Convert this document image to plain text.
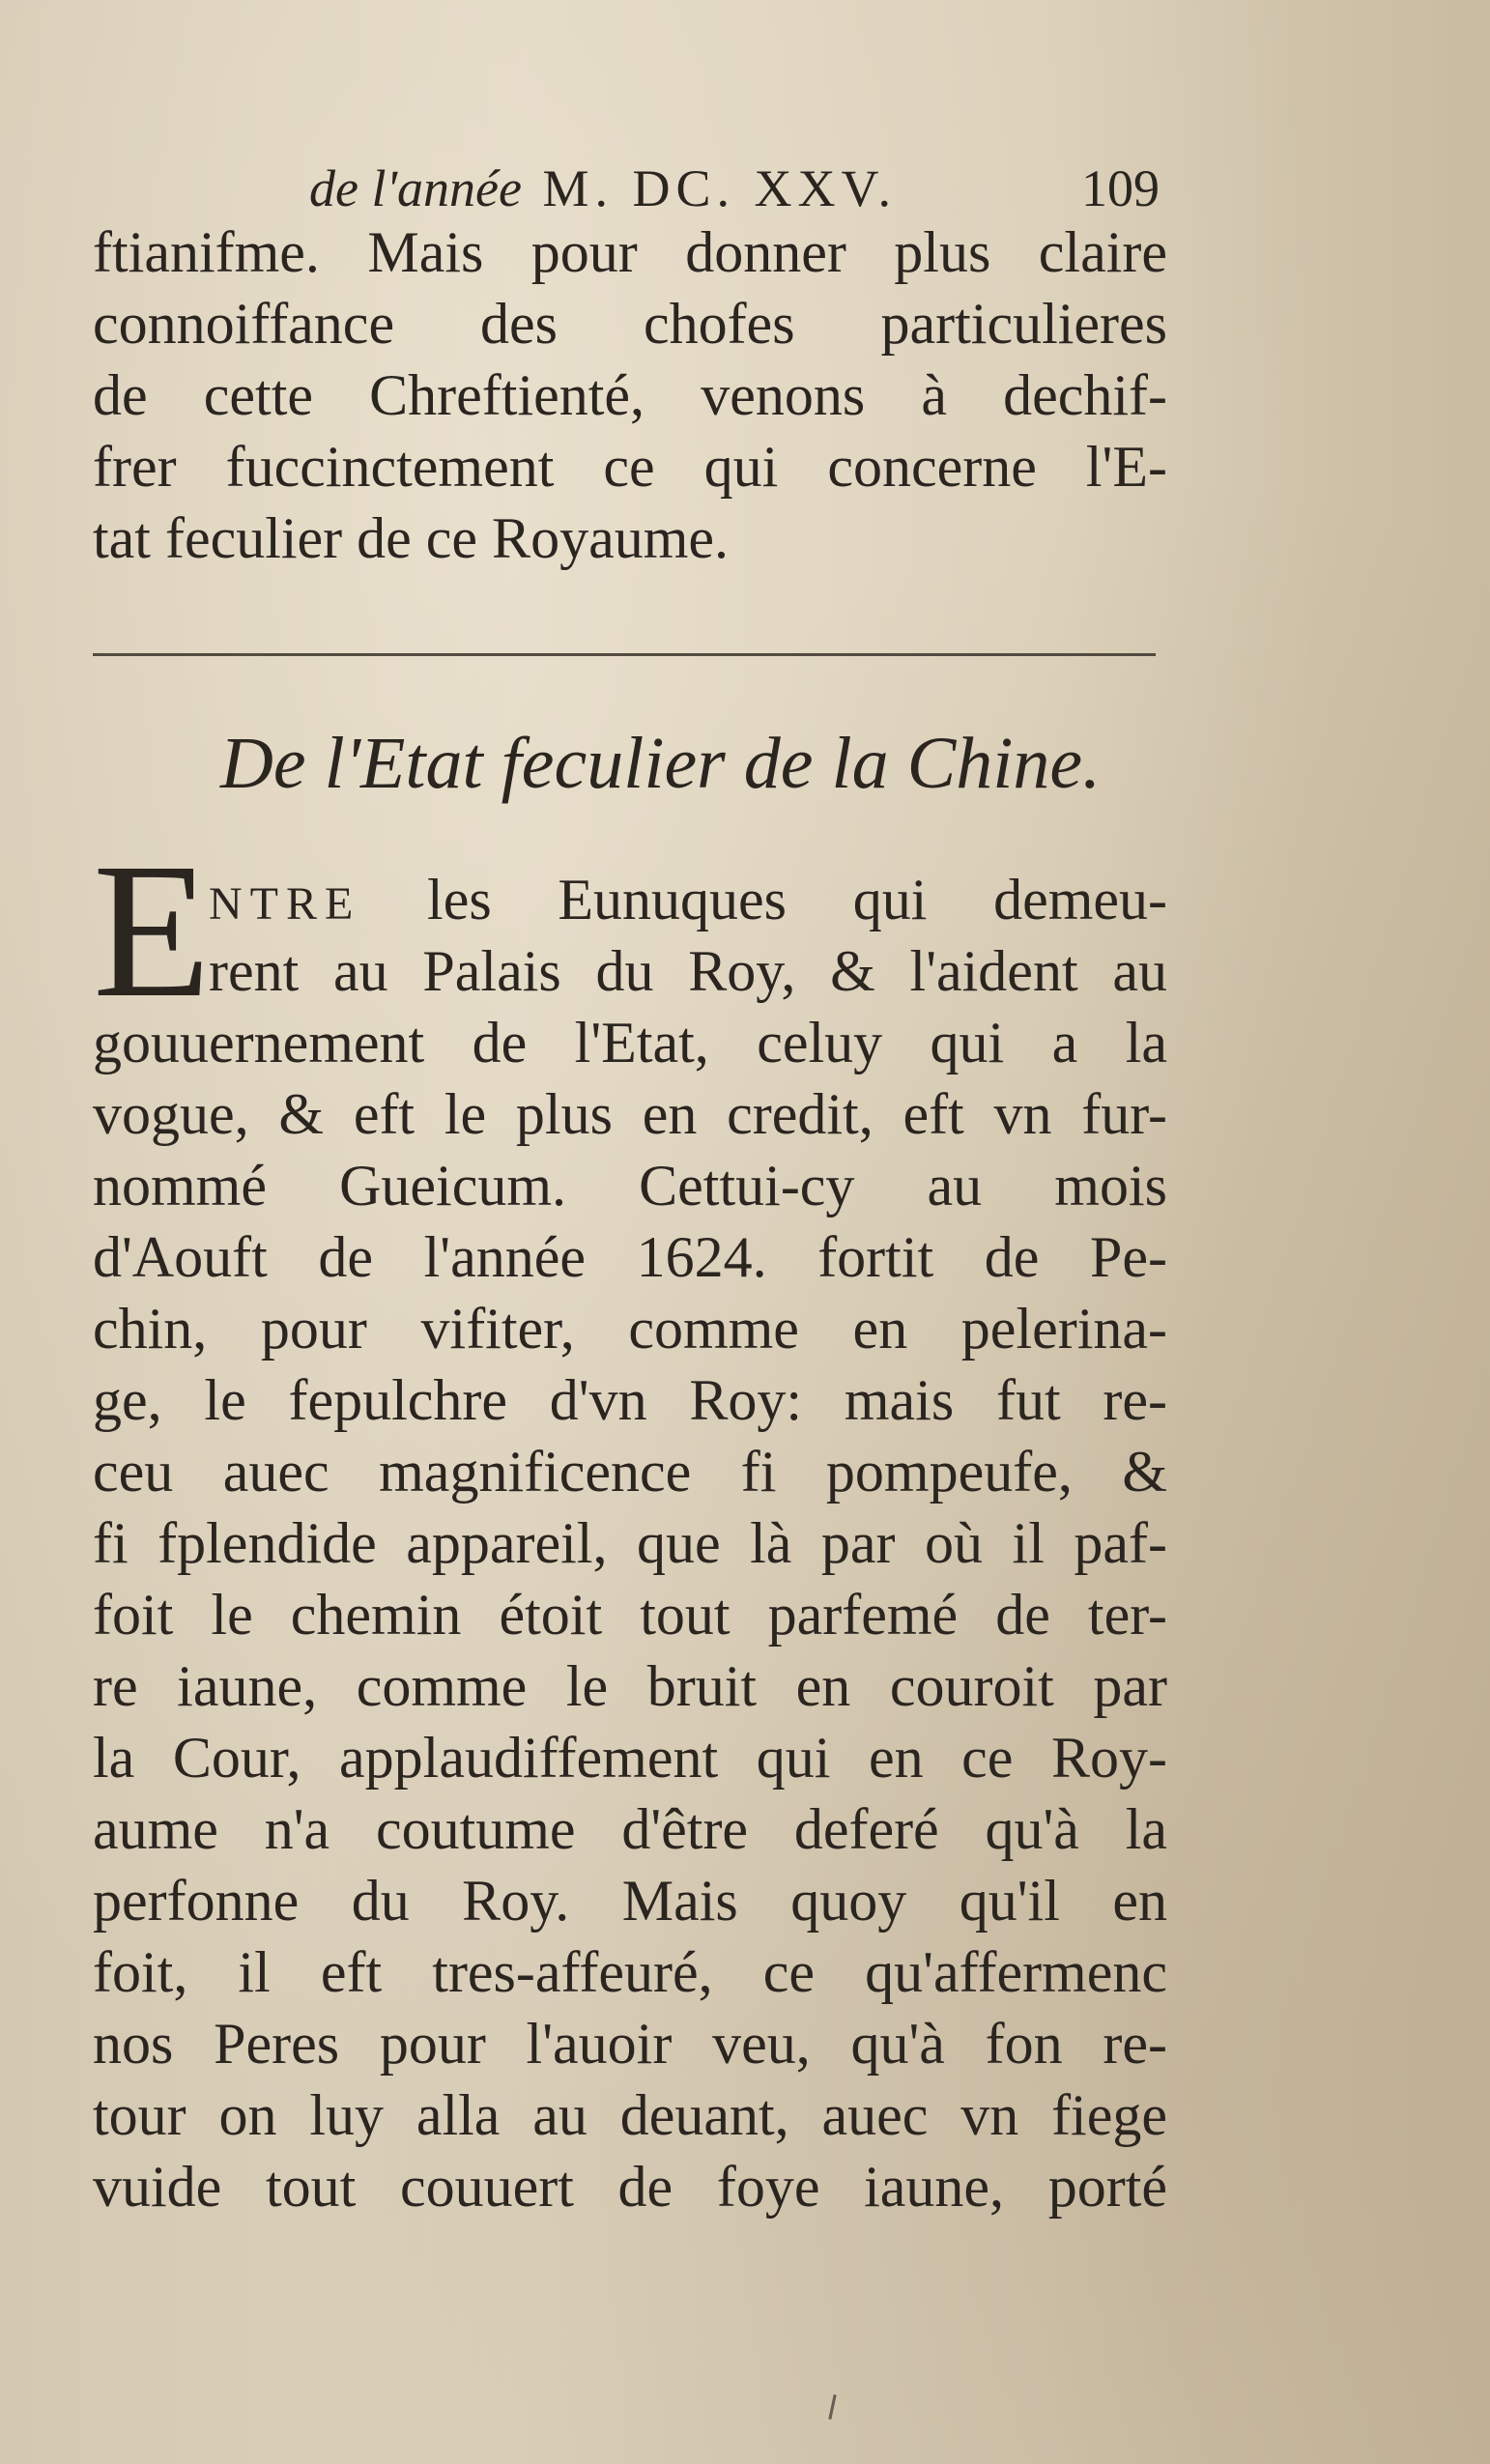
de l'année M. DC. XXV.	109
ftianifme. Mais pour donner plus claire
connoiffance des chofes particulieres
de cette Chreftienté, venons à dechif-
frer fuccinctement ce qui concerne l'E-
tat feculier de ce Royaume.
De l'Etat feculier de la Chine.
E
NTRE les Eunuques qui demeu-
rent au Palais du Roy, & l'aident au
gouuernement de l'Etat, celuy qui a la
vogue, & eft le plus en credit, eft vn fur-
nommé Gueicum. Cettui-cy au mois
d'Aouft de l'année 1624. fortit de Pe-
chin, pour vifiter, comme en pelerina-
ge, le fepulchre d'vn Roy: mais fut re-
ceu auec magnificence fi pompeufe, &
fi fplendide appareil, que là par où il paf-
foit le chemin étoit tout parfemé de ter-
re iaune, comme le bruit en couroit par
la Cour, applaudiffement qui en ce Roy-
aume n'a coutume d'être deferé qu'à la
perfonne du Roy. Mais quoy qu'il en
foit, il eft tres-affeuré, ce qu'affermenc
nos Peres pour l'auoir veu, qu'à fon re-
tour on luy alla au deuant, auec vn fiege
vuide tout couuert de foye iaune, porté
